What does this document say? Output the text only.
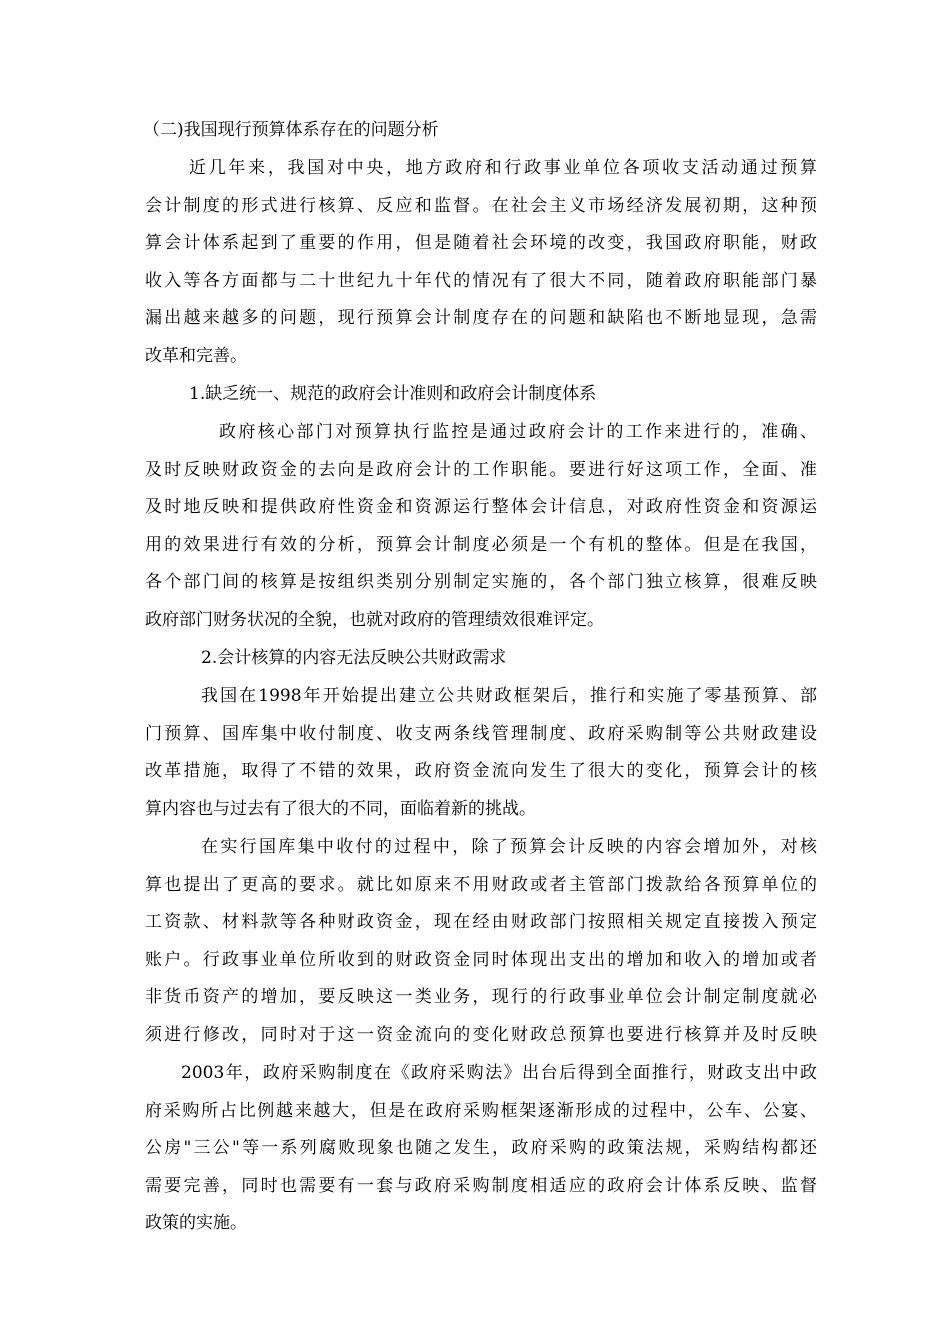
（二)我国现行预算体系存在的问题分析
近几年来，我国对中央，地方政府和行政事业单位各项收支活动通过预算
会计制度的形式进行核算、反应和监督。在社会主义市场经济发展初期，这种预
算会计体系起到了重要的作用，但是随着社会环境的改变，我国政府职能，财政
收入等各方面都与二十世纪九十年代的情况有了很大不同，随着政府职能部门暴
漏出越来越多的问题，现行预算会计制度存在的问题和缺陷也不断地显现，急需
改革和完善。
1.缺乏统一、规范的政府会计准则和政府会计制度体系
政府核心部门对预算执行监控是通过政府会计的工作来进行的，准确、
及时反映财政资金的去向是政府会计的工作职能。要进行好这项工作，全面、准
及时地反映和提供政府性资金和资源运行整体会计信息，对政府性资金和资源运
用的效果进行有效的分析，预算会计制度必须是一个有机的整体。但是在我国，
各个部门间的核算是按组织类别分别制定实施的，各个部门独立核算，很难反映
政府部门财务状况的全貌，也就对政府的管理绩效很难评定。
2.会计核算的内容无法反映公共财政需求
我国在1998年开始提出建立公共财政框架后，推行和实施了零基预算、部
门预算、国库集中收付制度、收支两条线管理制度、政府采购制等公共财政建设
改革措施，取得了不错的效果，政府资金流向发生了很大的变化，预算会计的核
算内容也与过去有了很大的不同，面临着新的挑战。
在实行国库集中收付的过程中，除了预算会计反映的内容会增加外，对核
算也提出了更高的要求。就比如原来不用财政或者主管部门拨款给各预算单位的
工资款、材料款等各种财政资金，现在经由财政部门按照相关规定直接拨入预定
账户。行政事业单位所收到的财政资金同时体现出支出的增加和收入的增加或者
非货币资产的增加，要反映这一类业务，现行的行政事业单位会计制定制度就必
须进行修改，同时对于这一资金流向的变化财政总预算也要进行核算并及时反映
2003年，政府采购制度在《政府采购法》出台后得到全面推行，财政支出中政
府采购所占比例越来越大，但是在政府采购框架逐渐形成的过程中，公车、公宴、
公房"三公"等一系列腐败现象也随之发生，政府采购的政策法规，采购结构都还
需要完善，同时也需要有一套与政府采购制度相适应的政府会计体系反映、监督
政策的实施。
